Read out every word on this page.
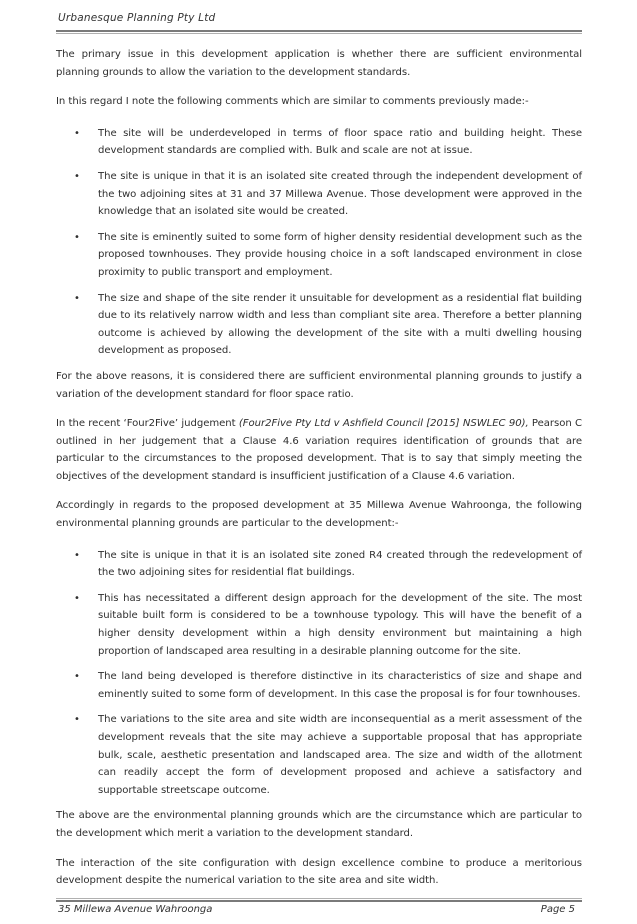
Urbanesque Planning Pty Ltd

The primary issue in this development application is whether there are sufficient environmental planning grounds to allow the variation to the development standards.

In this regard I note the following comments which are similar to comments previously made:-

• The site will be underdeveloped in terms of floor space ratio and building height. These development standards are complied with. Bulk and scale are not at issue.
• The site is unique in that it is an isolated site created through the independent development of the two adjoining sites at 31 and 37 Millewa Avenue. Those development were approved in the knowledge that an isolated site would be created.
• The site is eminently suited to some form of higher density residential development such as the proposed townhouses. They provide housing choice in a soft landscaped environment in close proximity to public transport and employment.
• The size and shape of the site render it unsuitable for development as a residential flat building due to its relatively narrow width and less than compliant site area. Therefore a better planning outcome is achieved by allowing the development of the site with a multi dwelling housing development as proposed.

For the above reasons, it is considered there are sufficient environmental planning grounds to justify a variation of the development standard for floor space ratio.

In the recent ‘Four2Five’ judgement (Four2Five Pty Ltd v Ashfield Council [2015] NSWLEC 90), Pearson C outlined in her judgement that a Clause 4.6 variation requires identification of grounds that are particular to the circumstances to the proposed development. That is to say that simply meeting the objectives of the development standard is insufficient justification of a Clause 4.6 variation.

Accordingly in regards to the proposed development at 35 Millewa Avenue Wahroonga, the following environmental planning grounds are particular to the development:-

• The site is unique in that it is an isolated site zoned R4 created through the redevelopment of the two adjoining sites for residential flat buildings.
• This has necessitated a different design approach for the development of the site. The most suitable built form is considered to be a townhouse typology. This will have the benefit of a higher density development within a high density environment but maintaining a high proportion of landscaped area resulting in a desirable planning outcome for the site.
• The land being developed is therefore distinctive in its characteristics of size and shape and eminently suited to some form of development. In this case the proposal is for four townhouses.
• The variations to the site area and site width are inconsequential as a merit assessment of the development reveals that the site may achieve a supportable proposal that has appropriate bulk, scale, aesthetic presentation and landscaped area. The size and width of the allotment can readily accept the form of development proposed and achieve a satisfactory and supportable streetscape outcome.

The above are the environmental planning grounds which are the circumstance which are particular to the development which merit a variation to the development standard.

The interaction of the site configuration with design excellence combine to produce a meritorious development despite the numerical variation to the site area and site width.

35 Millewa Avenue Wahroonga	Page 5
